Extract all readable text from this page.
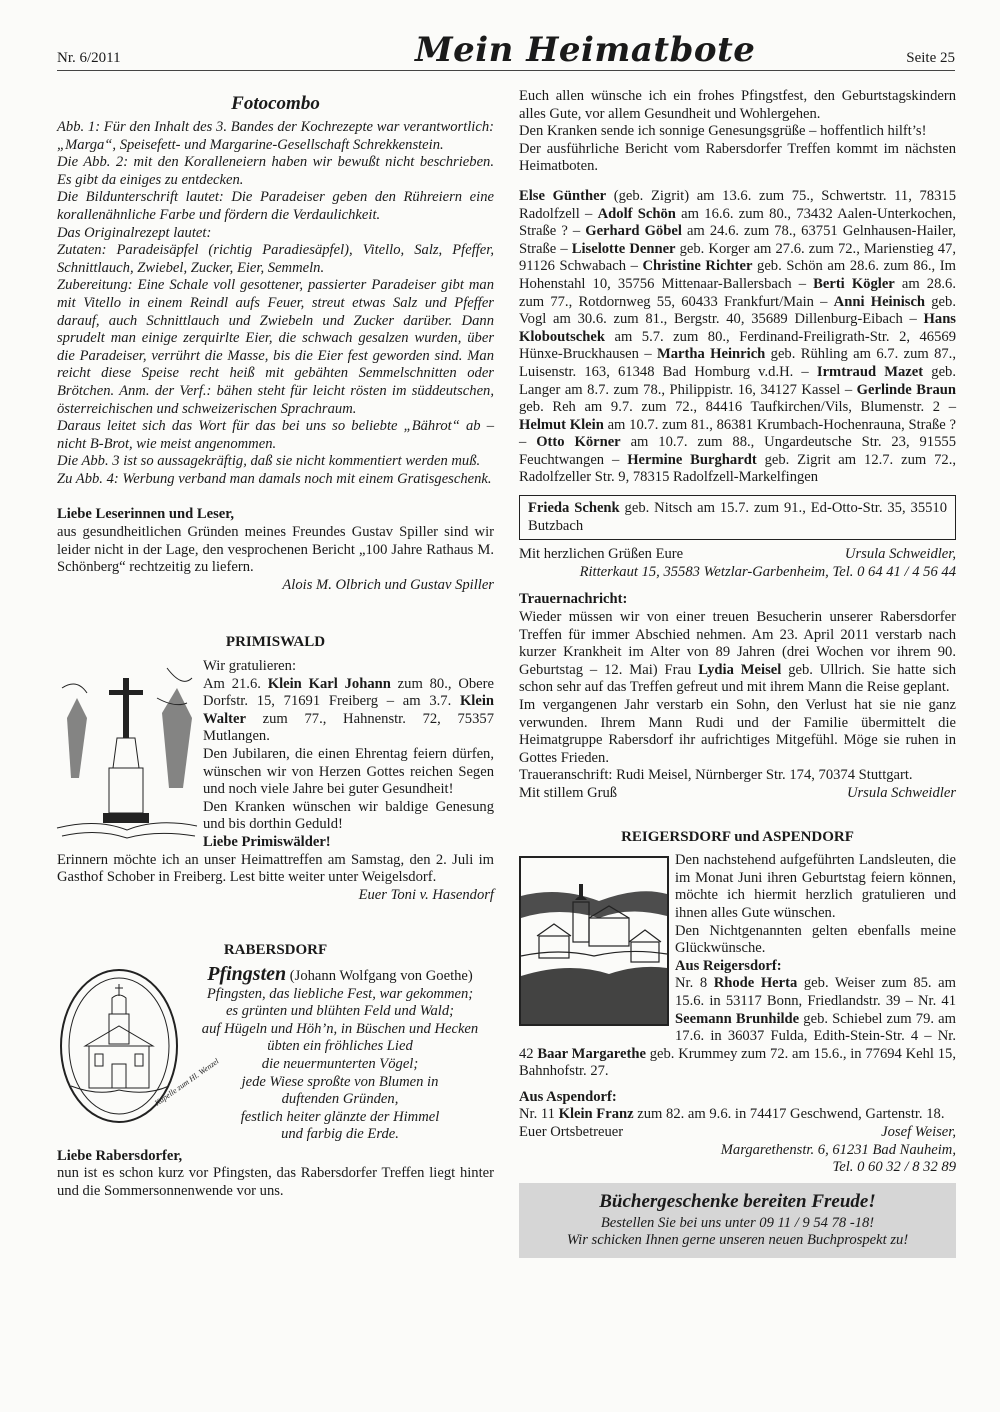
Nr. 6/2011	Mein Heimatbote	Seite 25
Fotocombo

Abb. 1: Für den Inhalt des 3. Bandes der Kochrezepte war verantwortlich: „Marga“, Speisefett- und Margarine-Gesellschaft Schrekkenstein.

Die Abb. 2: mit den Koralleneiern haben wir bewußt nicht beschrieben. Es gibt da einiges zu entdecken.

Die Bildunterschrift lautet: Die Paradeiser geben den Rühreiern eine korallenähnliche Farbe und fördern die Verdaulichkeit.

Das Originalrezept lautet:

Zutaten: Paradeisäpfel (richtig Paradiesäpfel), Vitello, Salz, Pfeffer, Schnittlauch, Zwiebel, Zucker, Eier, Semmeln.

Zubereitung: Eine Schale voll gesottener, passierter Paradeiser gibt man mit Vitello in einem Reindl aufs Feuer, streut etwas Salz und Pfeffer darauf, auch Schnittlauch und Zwiebeln und Zucker darüber. Dann sprudelt man einige zerquirlte Eier, die schwach gesalzen wurden, über die Paradeiser, verrührt die Masse, bis die Eier fest geworden sind. Man reicht diese Speise recht heiß mit gebähten Semmelschnitten oder Brötchen. Anm. der Verf.: bähen steht für leicht rösten im süddeutschen, österreichischen und schweizerischen Sprachraum.

Daraus leitet sich das Wort für das bei uns so beliebte „Bährot“ ab – nicht B-Brot, wie meist angenommen.

Die Abb. 3 ist so aussagekräftig, daß sie nicht kommentiert werden muß.

Zu Abb. 4: Werbung verband man damals noch mit einem Gratisgeschenk.

Liebe Leserinnen und Leser,

aus gesundheitlichen Gründen meines Freundes Gustav Spiller sind wir leider nicht in der Lage, den vesprochenen Bericht „100 Jahre Rathaus M. Schönberg“ rechtzeitig zu liefern.

Alois M. Olbrich und Gustav Spiller

PRIMISWALD

Wir gratulieren:

Am 21.6. Klein Karl Johann zum 80., Obere Dorfstr. 15, 71691 Freiberg – am 3.7. Klein Walter zum 77., Hahnenstr. 72, 75357 Mutlangen.

Den Jubilaren, die einen Ehrentag feiern dürfen, wünschen wir von Herzen Gottes reichen Segen und noch viele Jahre bei guter Gesundheit!

Den Kranken wünschen wir baldige Genesung und bis dorthin Geduld!

Liebe Primiswälder!

Erinnern möchte ich an unser Heimattreffen am Samstag, den 2. Juli im Gasthof Schober in Freiberg. Lest bitte weiter unter Weigelsdorf.

Euer Toni v. Hasendorf

RABERSDORF
Kapelle zum Hl. Wenzel
Pfingsten (Johann Wolfgang von Goethe)
Pfingsten, das liebliche Fest, war gekommen;
es grünten und blühten Feld und Wald;
auf Hügeln und Höh’n, in Büschen und Hecken
übten ein fröhliches Lied
die neuermunterten Vögel;
jede Wiese sproßte von Blumen in
duftenden Gründen,
festlich heiter glänzte der Himmel
und farbig die Erde.

Liebe Rabersdorfer,

nun ist es schon kurz vor Pfingsten, das Rabersdorfer Treffen liegt hinter und die Sommersonnenwende vor uns.

Euch allen wünsche ich ein frohes Pfingstfest, den Geburtstagskindern alles Gute, vor allem Gesundheit und Wohlergehen.

Den Kranken sende ich sonnige Genesungsgrüße – hoffentlich hilft’s!

Der ausführliche Bericht vom Rabersdorfer Treffen kommt im nächsten Heimatboten.

Else Günther (geb. Zigrit) am 13.6. zum 75., Schwertstr. 11, 78315 Radolfzell – Adolf Schön am 16.6. zum 80., 73432 Aalen-Unterkochen, Straße ? – Gerhard Göbel am 24.6. zum 78., 63751 Gelnhausen-Hailer, Straße – Liselotte Denner geb. Korger am 27.6. zum 72., Marienstieg 47, 91126 Schwabach – Christine Richter geb. Schön am 28.6. zum 86., Im Hohenstahl 10, 35756 Mittenaar-Ballersbach – Berti Kögler am 28.6. zum 77., Rotdornweg 55, 60433 Frankfurt/Main – Anni Heinisch geb. Vogl am 30.6. zum 81., Bergstr. 40, 35689 Dillenburg-Eibach – Hans Kloboutschek am 5.7. zum 80., Ferdinand-Freiligrath-Str. 2, 46569 Hünxe-Bruckhausen – Martha Heinrich geb. Rühling am 6.7. zum 87., Luisenstr. 163, 61348 Bad Homburg v.d.H. – Irmtraud Mazet geb. Langer am 8.7. zum 78., Philippistr. 16, 34127 Kassel – Gerlinde Braun geb. Reh am 9.7. zum 72., 84416 Taufkirchen/Vils, Blumenstr. 2 – Helmut Klein am 10.7. zum 81., 86381 Krumbach-Hochenrauna, Straße ? – Otto Körner am 10.7. zum 88., Ungardeutsche Str. 23, 91555 Feuchtwangen – Hermine Burghardt geb. Zigrit am 12.7. zum 72., Radolfzeller Str. 9, 78315 Radolfzell-Markelfingen

Frieda Schenk geb. Nitsch am 15.7. zum 91., Ed-Otto-Str. 35, 35510 Butzbach

Mit herzlichen Grüßen Eure	Ursula Schweidler,

Ritterkaut 15, 35583 Wetzlar-Garbenheim, Tel. 0 64 41 / 4 56 44

Trauernachricht:

Wieder müssen wir von einer treuen Besucherin unserer Rabersdorfer Treffen für immer Abschied nehmen. Am 23. April 2011 verstarb nach kurzer Krankheit im Alter von 89 Jahren (drei Wochen vor ihrem 90. Geburtstag – 12. Mai) Frau Lydia Meisel geb. Ullrich. Sie hatte sich schon sehr auf das Treffen gefreut und mit ihrem Mann die Reise geplant.

Im vergangenen Jahr verstarb ein Sohn, den Verlust hat sie nie ganz verwunden. Ihrem Mann Rudi und der Familie übermittelt die Heimatgruppe Rabersdorf ihr aufrichtiges Mitgefühl. Möge sie ruhen in Gottes Frieden.

Traueranschrift: Rudi Meisel, Nürnberger Str. 174, 70374 Stuttgart.

Mit stillem Gruß	Ursula Schweidler
REIGERSDORF und ASPENDORF

Den nachstehend aufgeführten Landsleuten, die im Monat Juni ihren Geburtstag feiern können, möchte ich hiermit herzlich gratulieren und ihnen alles Gute wünschen.

Den Nichtgenannten gelten ebenfalls meine Glückwünsche.

Aus Reigersdorf:

Nr. 8 Rhode Herta geb. Weiser zum 85. am 15.6. in 53117 Bonn, Friedlandstr. 39 – Nr. 41 Seemann Brunhilde geb. Schiebel zum 79. am 17.6. in 36037 Fulda, Edith-Stein-Str. 4 – Nr. 42 Baar Margarethe geb. Krummey zum 72. am 15.6., in 77694 Kehl 15, Bahnhofstr. 27.

Aus Aspendorf:

Nr. 11 Klein Franz zum 82. am 9.6. in 74417 Geschwend, Gartenstr. 18.

Euer Ortsbetreuer	Josef Weiser,

Margarethenstr. 6, 61231 Bad Nauheim,

Tel. 0 60 32 / 8 32 89

Büchergeschenke bereiten Freude!

Bestellen Sie bei uns unter 09 11 / 9 54 78 -18!

Wir schicken Ihnen gerne unseren neuen Buchprospekt zu!
